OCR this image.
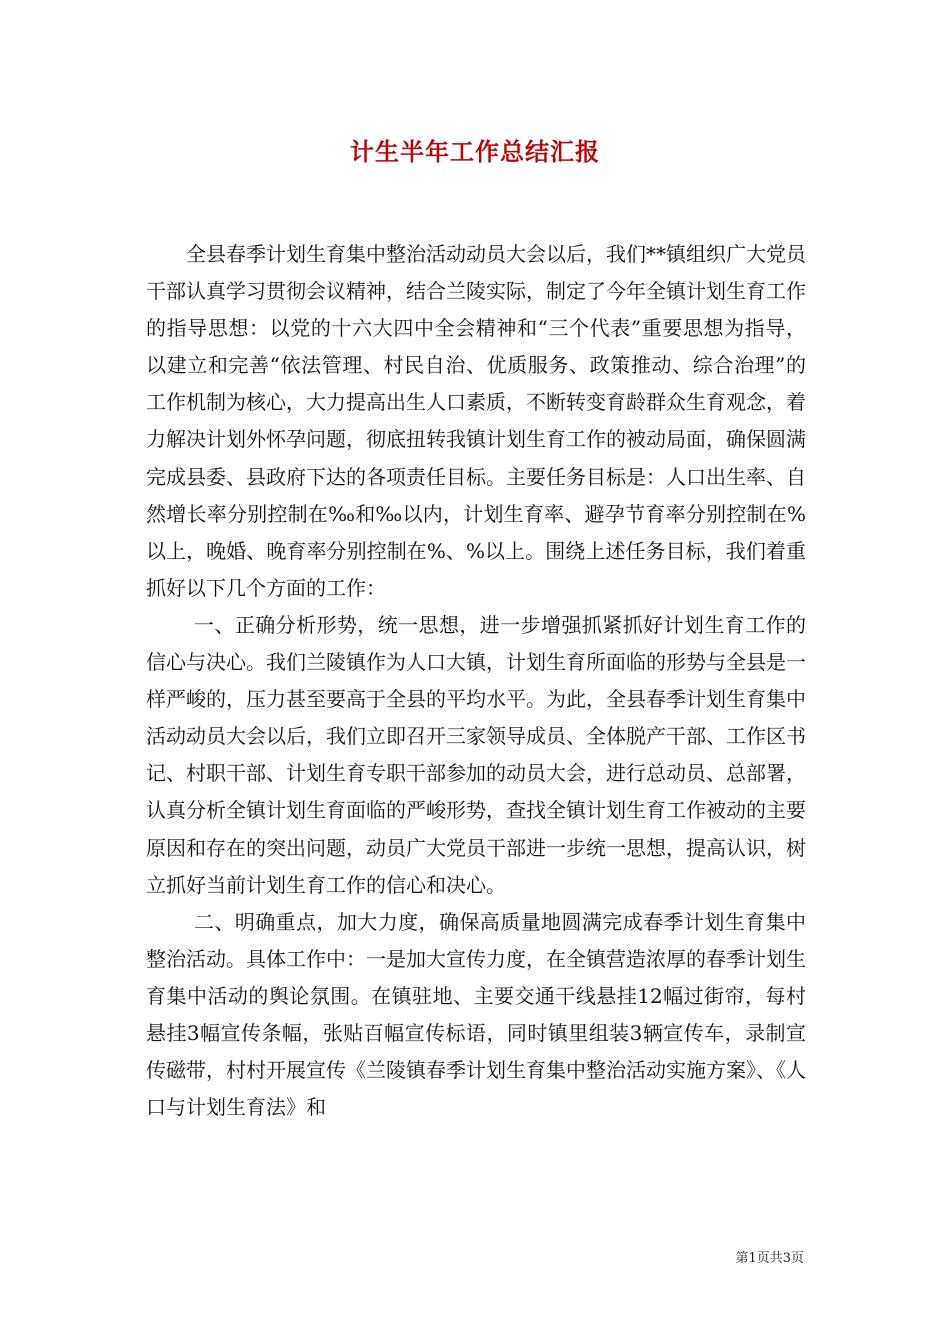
计生半年工作总结汇报

全县春季计划生育集中整治活动动员大会以后，我们**镇组织广大党员干部认真学习贯彻会议精神，结合兰陵实际，制定了今年全镇计划生育工作的指导思想：以党的十六大四中全会精神和“三个代表”重要思想为指导，以建立和完善“依法管理、村民自治、优质服务、政策推动、综合治理”的工作机制为核心，大力提高出生人口素质，不断转变育龄群众生育观念，着力解决计划外怀孕问题，彻底扭转我镇计划生育工作的被动局面，确保圆满完成县委、县政府下达的各项责任目标。主要任务目标是：人口出生率、自然增长率分别控制在‰和‰以内，计划生育率、避孕节育率分别控制在%以上，晚婚、晚育率分别控制在%、%以上。围绕上述任务目标，我们着重抓好以下几个方面的工作：

一、正确分析形势，统一思想，进一步增强抓紧抓好计划生育工作的信心与决心。我们兰陵镇作为人口大镇，计划生育所面临的形势与全县是一样严峻的，压力甚至要高于全县的平均水平。为此，全县春季计划生育集中活动动员大会以后，我们立即召开三家领导成员、全体脱产干部、工作区书记、村职干部、计划生育专职干部参加的动员大会，进行总动员、总部署，认真分析全镇计划生育面临的严峻形势，查找全镇计划生育工作被动的主要原因和存在的突出问题，动员广大党员干部进一步统一思想，提高认识，树立抓好当前计划生育工作的信心和决心。

二、明确重点，加大力度，确保高质量地圆满完成春季计划生育集中整治活动。具体工作中：一是加大宣传力度，在全镇营造浓厚的春季计划生育集中活动的舆论氛围。在镇驻地、主要交通干线悬挂12幅过街帘，每村悬挂3幅宣传条幅，张贴百幅宣传标语，同时镇里组装3辆宣传车，录制宣传磁带，村村开展宣传《兰陵镇春季计划生育集中整治活动实施方案》、《人口与计划生育法》和

第1页共3页
